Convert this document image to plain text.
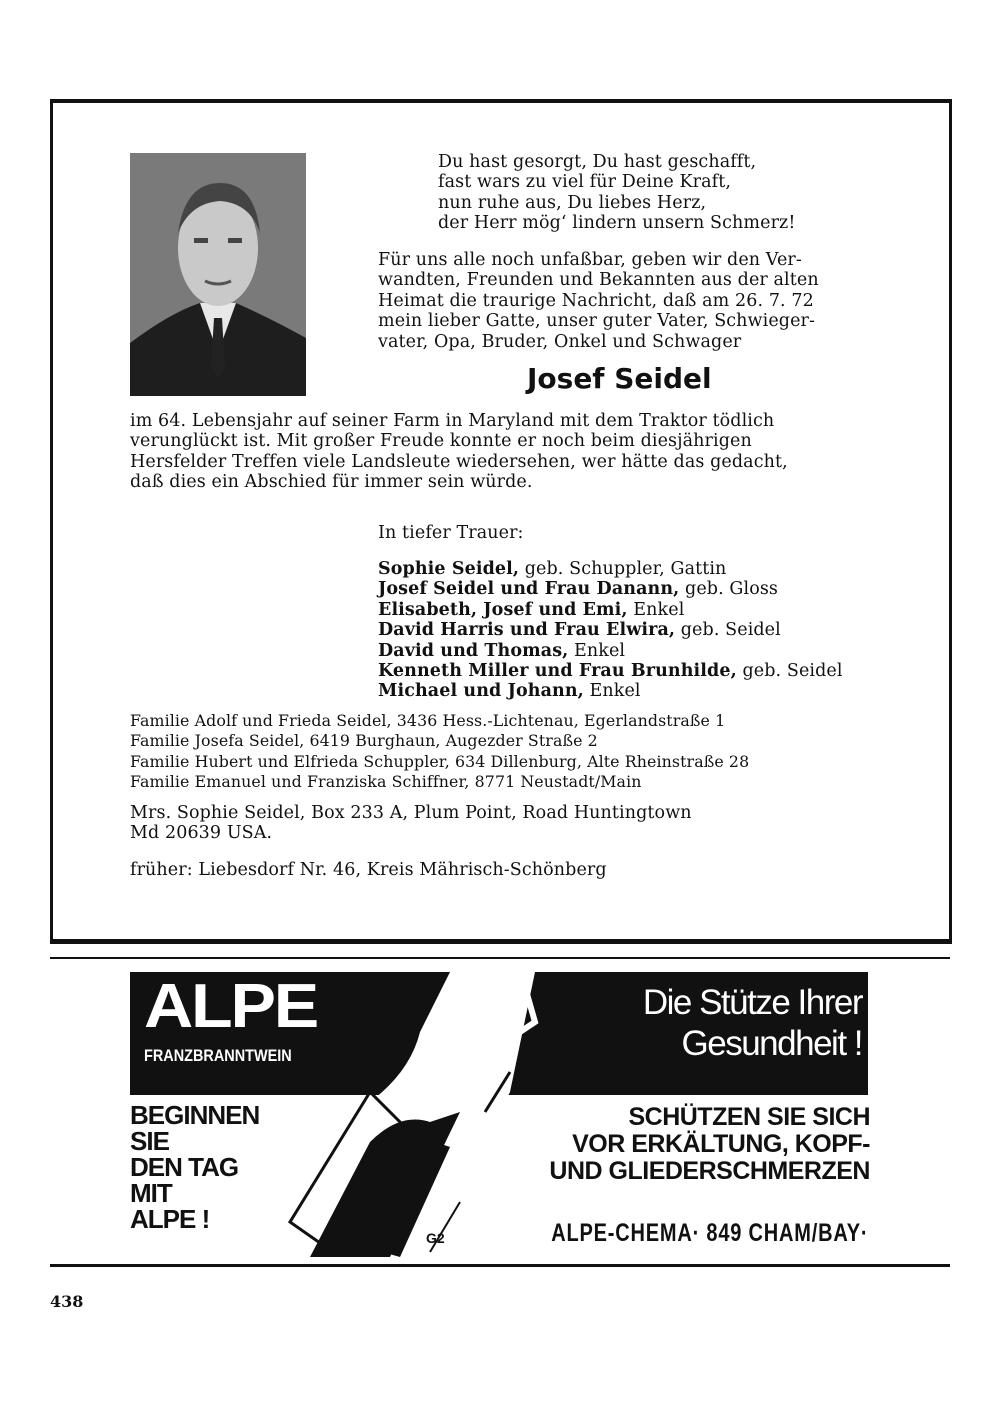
Du hast gesorgt, Du hast geschafft,
fast wars zu viel für Deine Kraft,
nun ruhe aus, Du liebes Herz,
der Herr mög‘ lindern unsern Schmerz!
Für uns alle noch unfaßbar, geben wir den Ver-
wandten, Freunden und Bekannten aus der alten
Heimat die traurige Nachricht, daß am 26. 7. 72
mein lieber Gatte, unser guter Vater, Schwieger-
vater, Opa, Bruder, Onkel und Schwager
Josef Seidel
im 64. Lebensjahr auf seiner Farm in Maryland mit dem Traktor tödlich
verunglückt ist. Mit großer Freude konnte er noch beim diesjährigen
Hersfelder Treffen viele Landsleute wiedersehen, wer hätte das gedacht,
daß dies ein Abschied für immer sein würde.
In tiefer Trauer:
Sophie Seidel, geb. Schuppler, Gattin
Josef Seidel und Frau Danann, geb. Gloss
Elisabeth, Josef und Emi, Enkel
David Harris und Frau Elwira, geb. Seidel
David und Thomas, Enkel
Kenneth Miller und Frau Brunhilde, geb. Seidel
Michael und Johann, Enkel
Familie Adolf und Frieda Seidel, 3436 Hess.-Lichtenau, Egerlandstraße 1
Familie Josefa Seidel, 6419 Burghaun, Augezder Straße 2
Familie Hubert und Elfrieda Schuppler, 634 Dillenburg, Alte Rheinstraße 28
Familie Emanuel und Franziska Schiffner, 8771 Neustadt/Main
Mrs. Sophie Seidel, Box 233 A, Plum Point, Road Huntingtown
Md 20639 USA.
früher: Liebesdorf Nr. 46, Kreis Mährisch-Schönberg
ALPE
FRANZBRANNTWEIN
Die Stütze Ihrer
Gesundheit !
BEGINNEN
SIE
DEN TAG
MIT
ALPE !
SCHÜTZEN SIE SICH
VOR ERKÄLTUNG, KOPF-
UND GLIEDERSCHMERZEN
G2	ALPE-CHEMA· 849 CHAM/BAY·
438
